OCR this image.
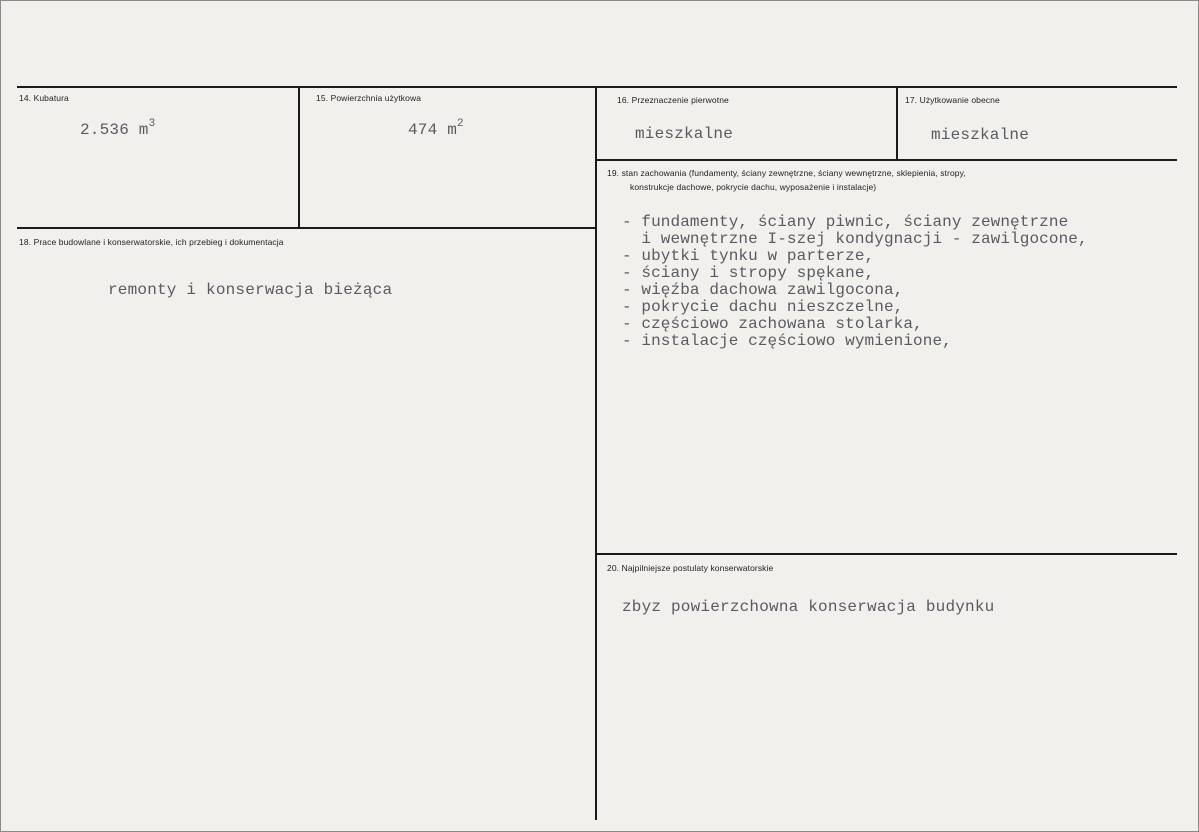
14. Kubatura
2.536 $m^3$
15. Powierzchnia użytkowa
474 $m^2$
16. Przeznaczenie pierwotne
mieszkalne
17. Użytkowanie obecne
mieszkalne
18. Prace budowlane i konserwatorskie, ich przebieg i dokumentacja
remonty i konserwacja bieżąca
19. stan zachowania (fundamenty, ściany zewnętrzne, ściany wewnętrzne, sklepienia, stropy,
konstrukcje dachowe, pokrycie dachu, wyposażenie i instalacje)
- fundamenty, ściany piwnic, ściany zewnętrzne
i wewnętrzne I-szej kondygnacji - zawilgocone,
- ubytki tynku w parterze,
- ściany i stropy spękane,
- więźba dachowa zawilgocona,
- pokrycie dachu nieszczelne,
- częściowo zachowana stolarka,
- instalacje częściowo wymienione,
20. Najpilniejsze postulaty konserwatorskie
zbyz powierzchowna konserwacja budynku
